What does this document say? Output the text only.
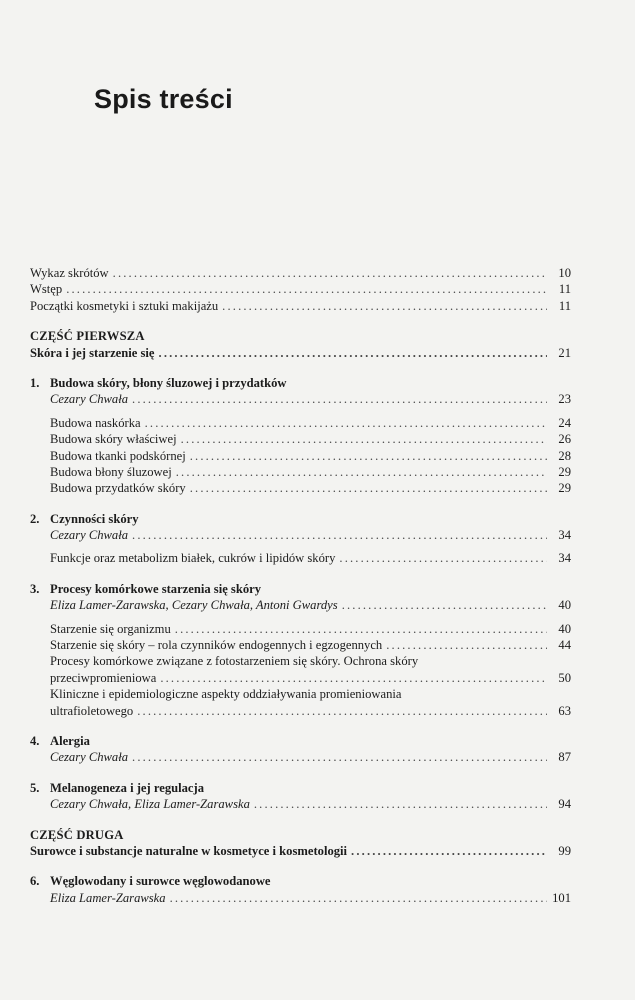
Spis treści
Wykaz skrótów . . .	10
Wstęp . . .	11
Początki kosmetyki i sztuki makijażu . . .	11
CZĘŚĆ PIERWSZA
Skóra i jej starzenie się . . .	21
1. Budowa skóry, błony śluzowej i przydatków
Cezary Chwała . . .	23
Budowa naskórka . . .	24
Budowa skóry właściwej . . .	26
Budowa tkanki podskórnej . . .	28
Budowa błony śluzowej . . .	29
Budowa przydatków skóry . . .	29
2. Czynności skóry
Cezary Chwała . . .	34
Funkcje oraz metabolizm białek, cukrów i lipidów skóry . . .	34
3. Procesy komórkowe starzenia się skóry
Eliza Lamer-Zarawska, Cezary Chwała, Antoni Gwardys . . .	40
Starzenie się organizmu . . .	40
Starzenie się skóry – rola czynników endogennych i egzogennych . . .	44
Procesy komórkowe związane z fotostarzeniem się skóry. Ochrona skóry
przeciwpromieniowa . . .	50
Kliniczne i epidemiologiczne aspekty oddziaływania promieniowania
ultrafioletowego . . .	63
4. Alergia
Cezary Chwała . . .	87
5. Melanogeneza i jej regulacja
Cezary Chwała, Eliza Lamer-Zarawska . . .	94
CZĘŚĆ DRUGA
Surowce i substancje naturalne w kosmetyce i kosmetologii . . .	99
6. Węglowodany i surowce węglowodanowe
Eliza Lamer-Zarawska . . .	101
